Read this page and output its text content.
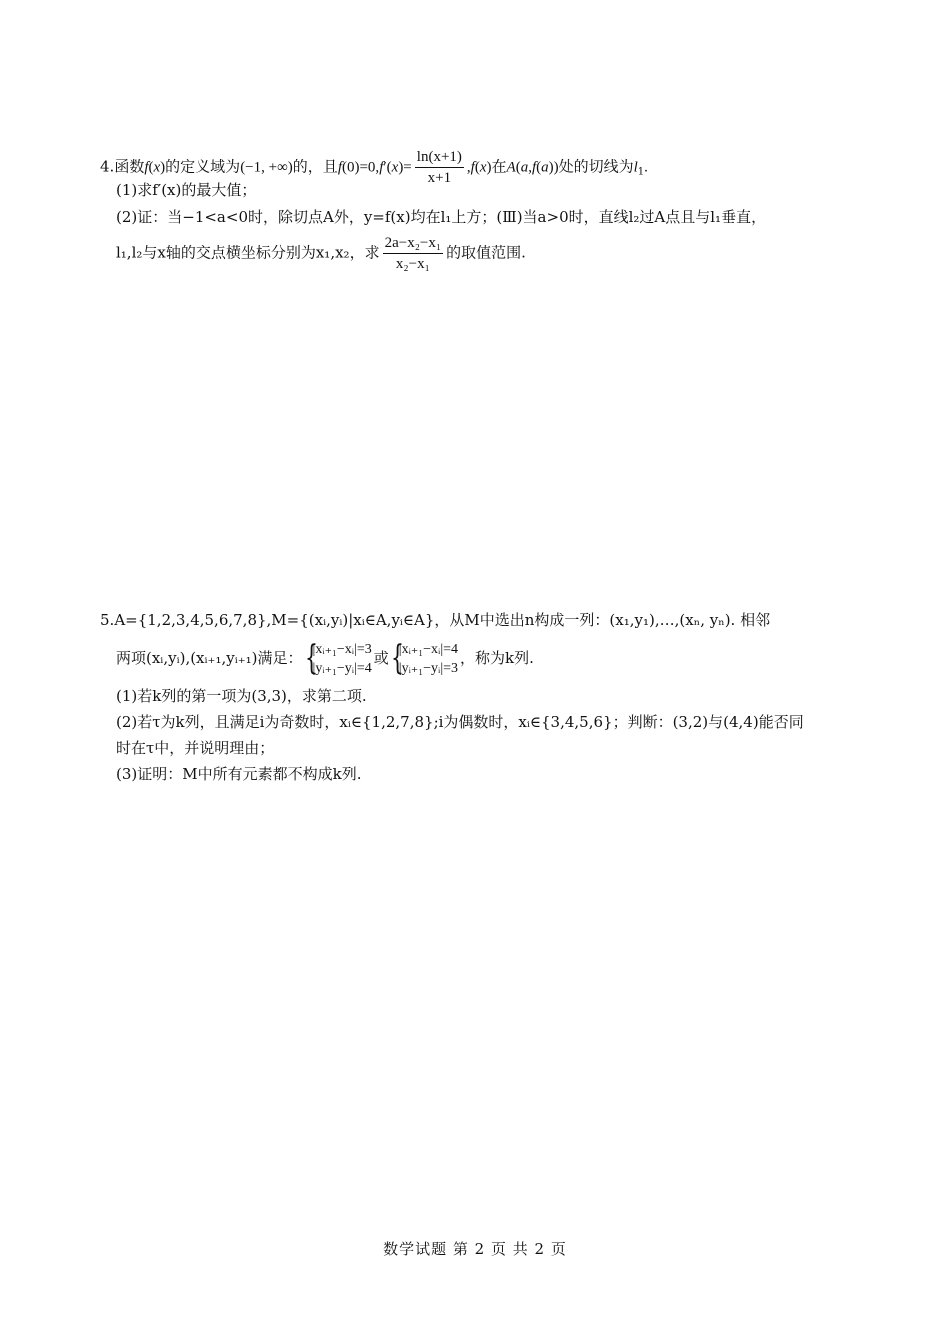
4.函数f(x)的定义域为(−1, +∞)的，且$f(0)=0,f'(x)= \frac{\ln(x+1)}{x+1} ,f(x)$在A(a,f(a))处的切线为$l_1$.
(1)求f′(x)的最大值；
(2)证：当−1<a<0时，除切点A外，y=f(x)均在l₁上方；(Ⅲ)当a>0时，直线l₂过A点且与l₁垂直，
l₁,l₂与x轴的交点横坐标分别为x₁,x₂，求 $\frac{\text{2a−x₂−x₁}}{\text{x₂−x₁}}$ 的取值范围.
5.A={1,2,3,4,5,6,7,8},M={(xᵢ,yᵢ)|xᵢ∈A,yᵢ∈A}，从M中选出n构成一列：(x₁,y₁),…,(xₙ, yₙ). 相邻
两项(xᵢ,yᵢ),(xᵢ₊₁,yᵢ₊₁)满足： {
|xᵢ₊₁−xᵢ|=3
|yᵢ₊₁−yᵢ|=4
或 {
|xᵢ₊₁−xᵢ|=4
|yᵢ₊₁−yᵢ|=3
，称为k列.
(1)若k列的第一项为(3,3)，求第二项.
(2)若τ为k列，且满足i为奇数时，xᵢ∈{1,2,7,8};i为偶数时，xᵢ∈{3,4,5,6}；判断：(3,2)与(4,4)能否同
时在τ中，并说明理由；
(3)证明：M中所有元素都不构成k列.
数学试题 第 2 页 共 2 页
